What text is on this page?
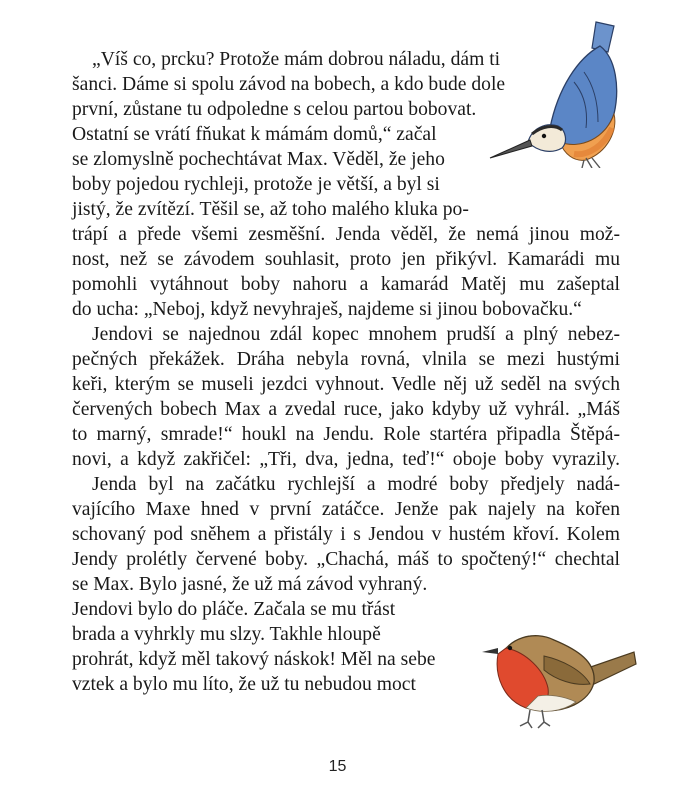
„Víš co, prcku? Protože mám dobrou náladu, dám ti
šanci. Dáme si spolu závod na bobech, a kdo bude dole
první, zůstane tu odpoledne s celou partou bobovat.
Ostatní se vrátí fňukat k mámám domů,“ začal
se zlomyslně pochechtávat Max. Věděl, že jeho
boby pojedou rychleji, protože je větší, a byl si
jistý, že zvítězí. Těšil se, až toho malého kluka po-
trápí a přede všemi zesměšní. Jenda věděl, že nemá jinou mož-
nost, než se závodem souhlasit, proto jen přikývl. Kamarádi mu
pomohli vytáhnout boby nahoru a kamarád Matěj mu zašeptal
do ucha: „Neboj, když nevyhraješ, najdeme si jinou bobovačku.“
Jendovi se najednou zdál kopec mnohem prudší a plný nebez-
pečných překážek. Dráha nebyla rovná, vlnila se mezi hustými
keři, kterým se museli jezdci vyhnout. Vedle něj už seděl na svých
červených bobech Max a zvedal ruce, jako kdyby už vyhrál. „Máš
to marný, smrade!“ houkl na Jendu. Role startéra připadla Štěpá-
novi, a když zakřičel: „Tři, dva, jedna, teď!“ oboje boby vyrazily.
Jenda byl na začátku rychlejší a modré boby předjely nadá-
vajícího Maxe hned v první zatáčce. Jenže pak najely na kořen
schovaný pod sněhem a přistály i s Jendou v hustém křoví. Kolem
Jendy prolétly červené boby. „Chachá, máš to spočtený!“ chechtal
se Max. Bylo jasné, že už má závod vyhraný.
Jendovi bylo do pláče. Začala se mu třást
brada a vyhrkly mu slzy. Takhle hloupě
prohrát, když měl takový náskok! Měl na sebe
vztek a bylo mu líto, že už tu nebudou moct
15
